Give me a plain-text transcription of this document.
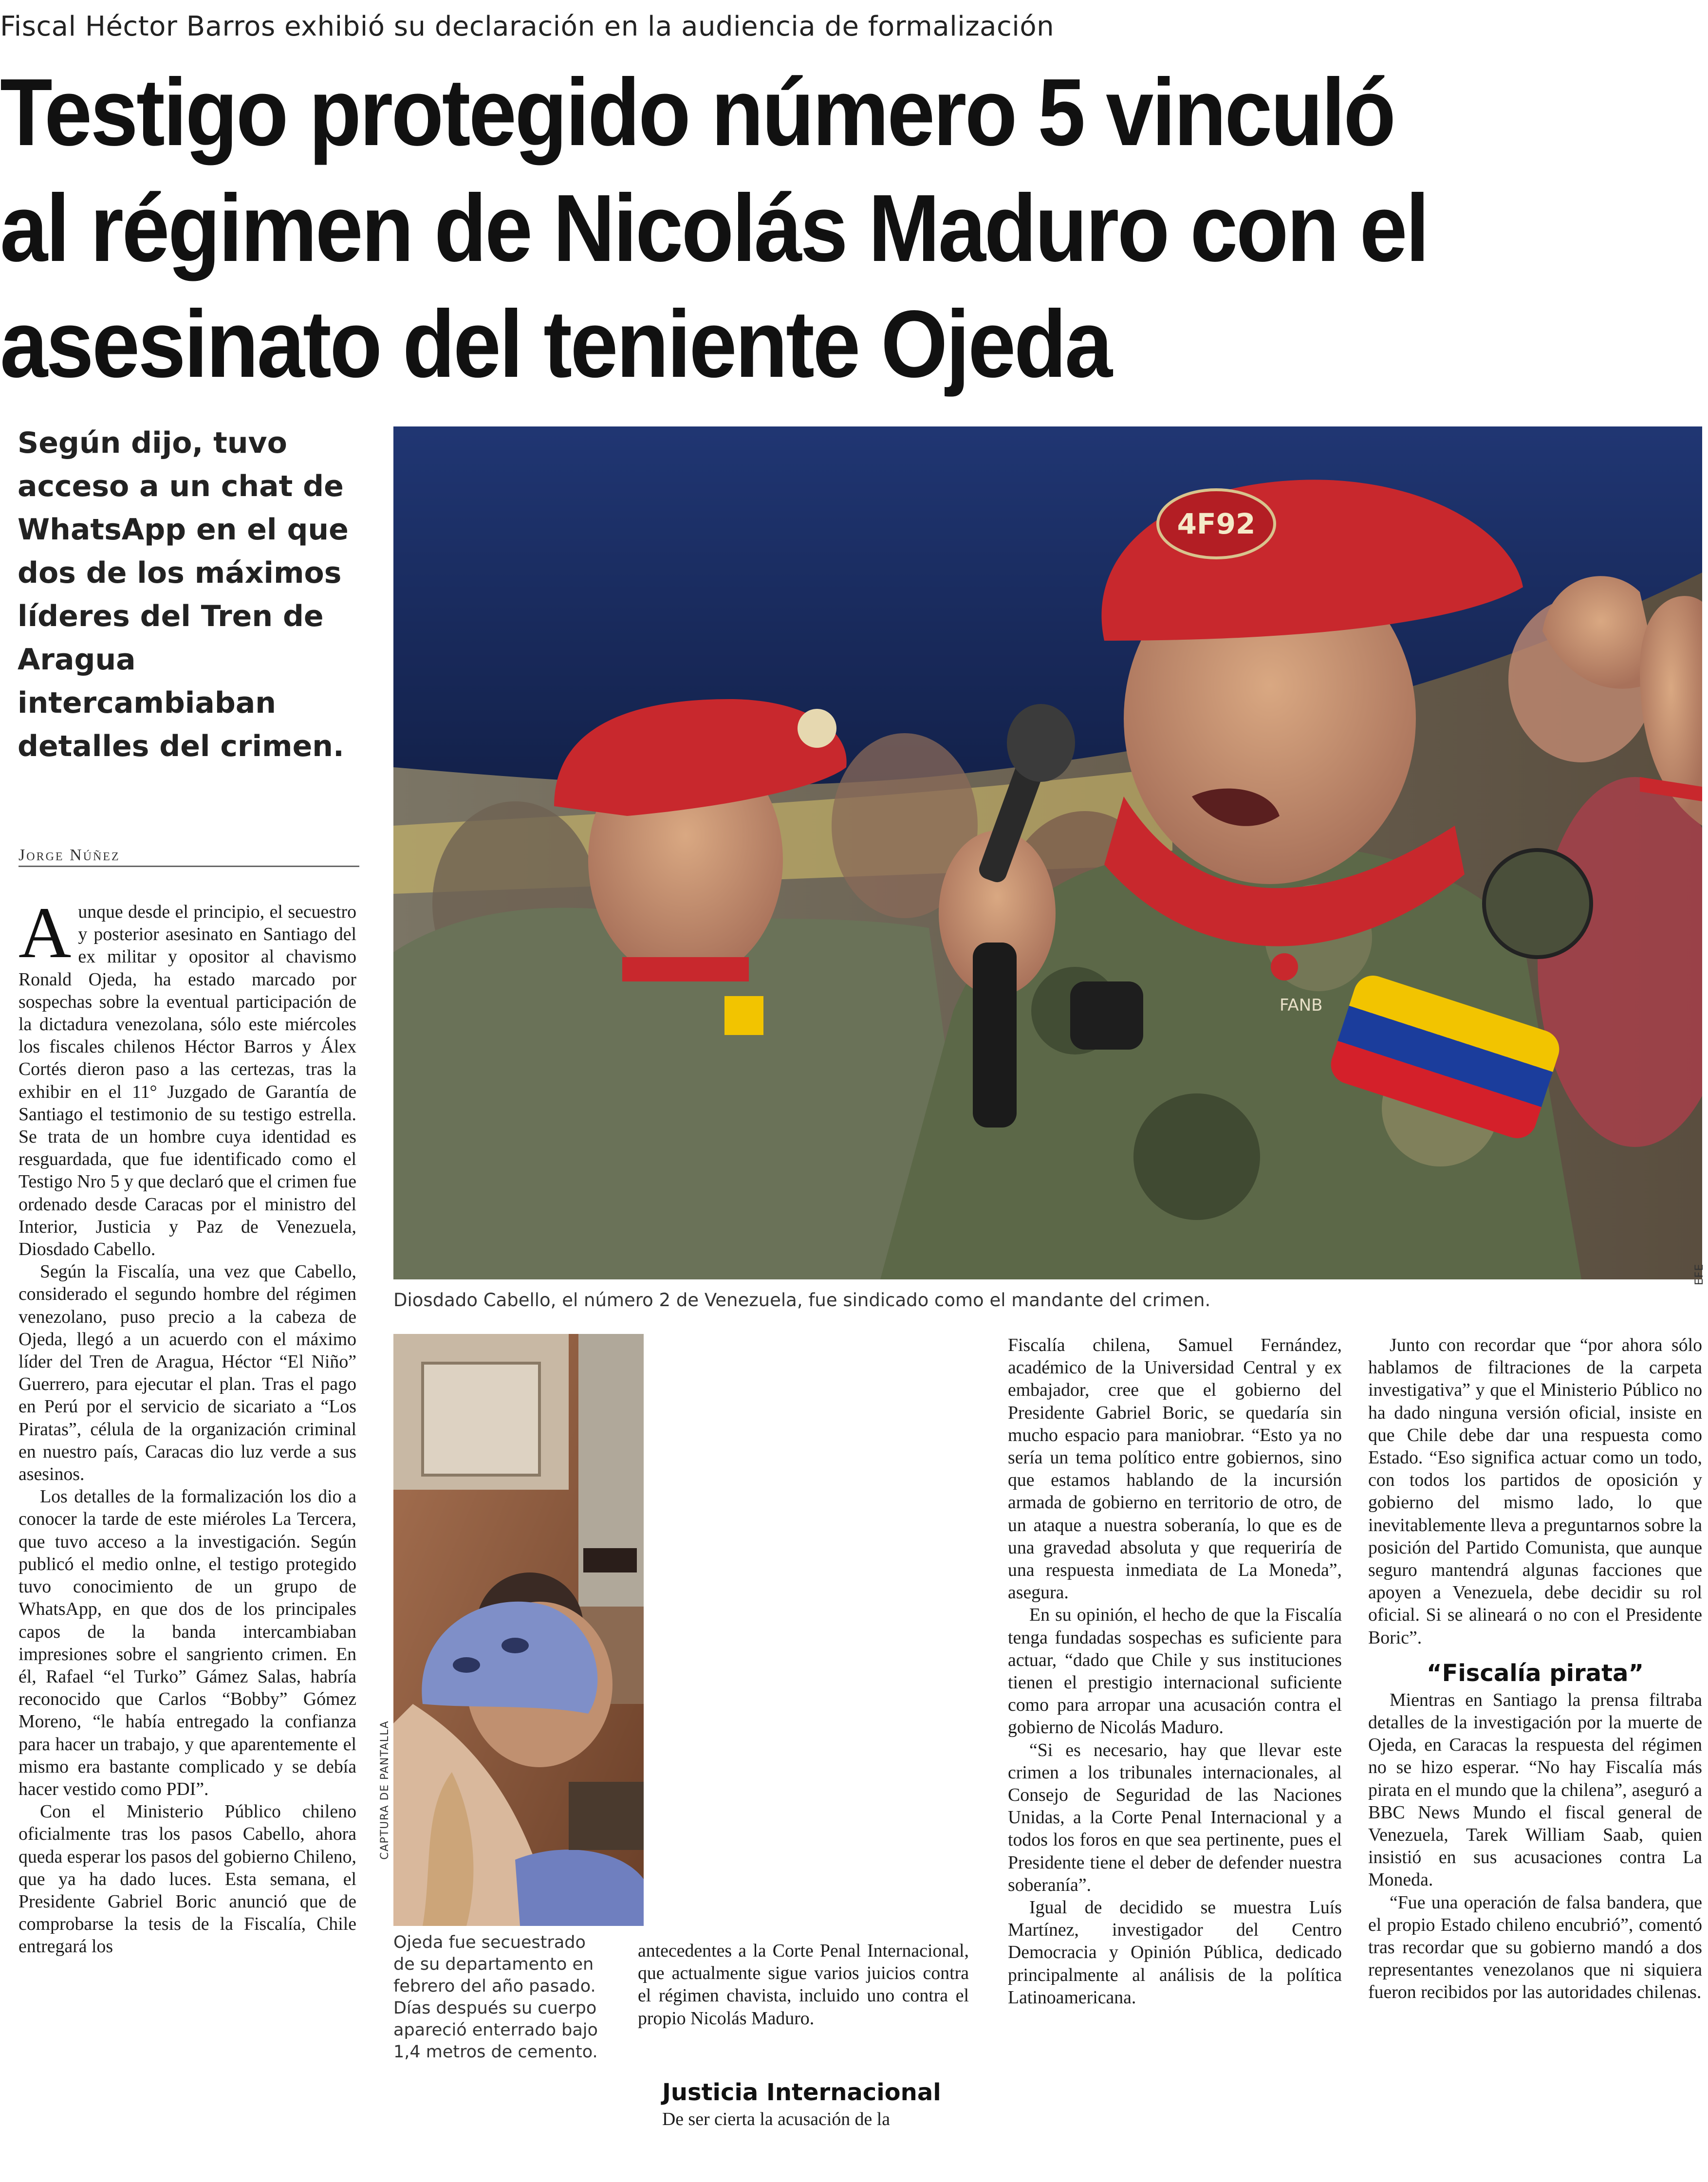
Fiscal Héctor Barros exhibió su declaración en la audiencia de formalización
Testigo protegido número 5 vinculó
al régimen de Nicolás Maduro con el
asesinato del teniente Ojeda
Según dijo, tuvo acceso a un chat de WhatsApp en el que dos de los máximos líderes del Tren de Aragua intercambiaban detalles del crimen.
Jorge Núñez
4F92
FANB
EFE
Diosdado Cabello, el número 2 de Venezuela, fue sindicado como el mandante del crimen.
CAPTURA DE PANTALLA
Ojeda fue secuestrado de su departamento en febrero del año pasado. Días después su cuerpo apareció enterrado bajo 1,4 metros de cemento.

Aunque desde el principio, el secuestro y posterior asesinato en Santiago del ex militar y opositor al chavismo Ronald Ojeda, ha estado marcado por sospechas sobre la eventual participación de la dictadura venezolana, sólo este miércoles los fiscales chilenos Héctor Barros y Álex Cortés dieron paso a las certezas, tras la exhibir en el 11° Juzgado de Garantía de Santiago el testimonio de su testigo estrella. Se trata de un hombre cuya identidad es resguardada, que fue identificado como el Testigo Nro 5 y que declaró que el crimen fue ordenado desde Caracas por el ministro del Interior, Justicia y Paz de Venezuela, Diosdado Cabello.

Según la Fiscalía, una vez que Cabello, considerado el segundo hombre del régimen venezolano, puso precio a la cabeza de Ojeda, llegó a un acuerdo con el máximo líder del Tren de Aragua, Héctor “El Niño” Guerrero, para ejecutar el plan. Tras el pago en Perú por el servicio de sicariato a “Los Piratas”, célula de la organización criminal en nuestro país, Caracas dio luz verde a sus asesinos.

Los detalles de la formalización los dio a conocer la tarde de este miéroles La Tercera, que tuvo acceso a la investigación. Según publicó el medio onlne, el testigo protegido tuvo conocimiento de un grupo de WhatsApp, en que dos de los principales capos de la banda intercambiaban impresiones sobre el sangriento crimen. En él, Rafael “el Turko” Gámez Salas, habría reconocido que Carlos “Bobby” Gómez Moreno, “le había entregado la confianza para hacer un trabajo, y que aparentemente el mismo era bastante complicado y se debía hacer vestido como PDI”.

Con el Ministerio Público chileno oficialmente tras los pasos Cabello, ahora queda esperar los pasos del gobierno Chileno, que ya ha dado luces. Esta semana, el Presidente Gabriel Boric anunció que de comprobarse la tesis de la Fiscalía, Chile entregará los	antecedentes a la Corte Penal Internacional, que actualmente sigue varios juicios contra el régimen chavista, incluido uno contra el propio Nicolás Maduro.

Justicia Internacional

De ser cierta la acusación de la

Fiscalía chilena, Samuel Fernández, académico de la Universidad Central y ex embajador, cree que el gobierno del Presidente Gabriel Boric, se quedaría sin mucho espacio para maniobrar. “Esto ya no sería un tema político entre gobiernos, sino que estamos hablando de la incursión armada de gobierno en territorio de otro, de un ataque a nuestra soberanía, lo que es de una gravedad absoluta y que requeriría de una respuesta inmediata de La Moneda”, asegura.

En su opinión, el hecho de que la Fiscalía tenga fundadas sospechas es suficiente para actuar, “dado que Chile y sus instituciones tienen el prestigio internacional suficiente como para arropar una acusación contra el gobierno de Nicolás Maduro.

“Si es necesario, hay que llevar este crimen a los tribunales internacionales, al Consejo de Seguridad de las Naciones Unidas, a la Corte Penal Internacional y a todos los foros en que sea pertinente, pues el Presidente tiene el deber de defender nuestra soberanía”.

Igual de decidido se muestra Luís Martínez, investigador del Centro Democracia y Opinión Pública, dedicado principalmente al análisis de la política Latinoamericana.

Junto con recordar que “por ahora sólo hablamos de filtraciones de la carpeta investigativa” y que el Ministerio Público no ha dado ninguna versión oficial, insiste en que Chile debe dar una respuesta como Estado. “Eso significa actuar como un todo, con todos los partidos de oposición y gobierno del mismo lado, lo que inevitablemente lleva a preguntarnos sobre la posición del Partido Comunista, que aunque seguro mantendrá algunas facciones que apoyen a Venezuela, debe decidir su rol oficial. Si se alineará o no con el Presidente Boric”.

“Fiscalía pirata”

Mientras en Santiago la prensa filtraba detalles de la investigación por la muerte de Ojeda, en Caracas la respuesta del régimen no se hizo esperar. “No hay Fiscalía más pirata en el mundo que la chilena”, aseguró a BBC News Mundo el fiscal general de Venezuela, Tarek William Saab, quien insistió en sus acusaciones contra La Moneda.

“Fue una operación de falsa bandera, que el propio Estado chileno encubrió”, comentó tras recordar que su gobierno mandó a dos representantes venezolanos que ni siquiera fueron recibidos por las autoridades chilenas.
